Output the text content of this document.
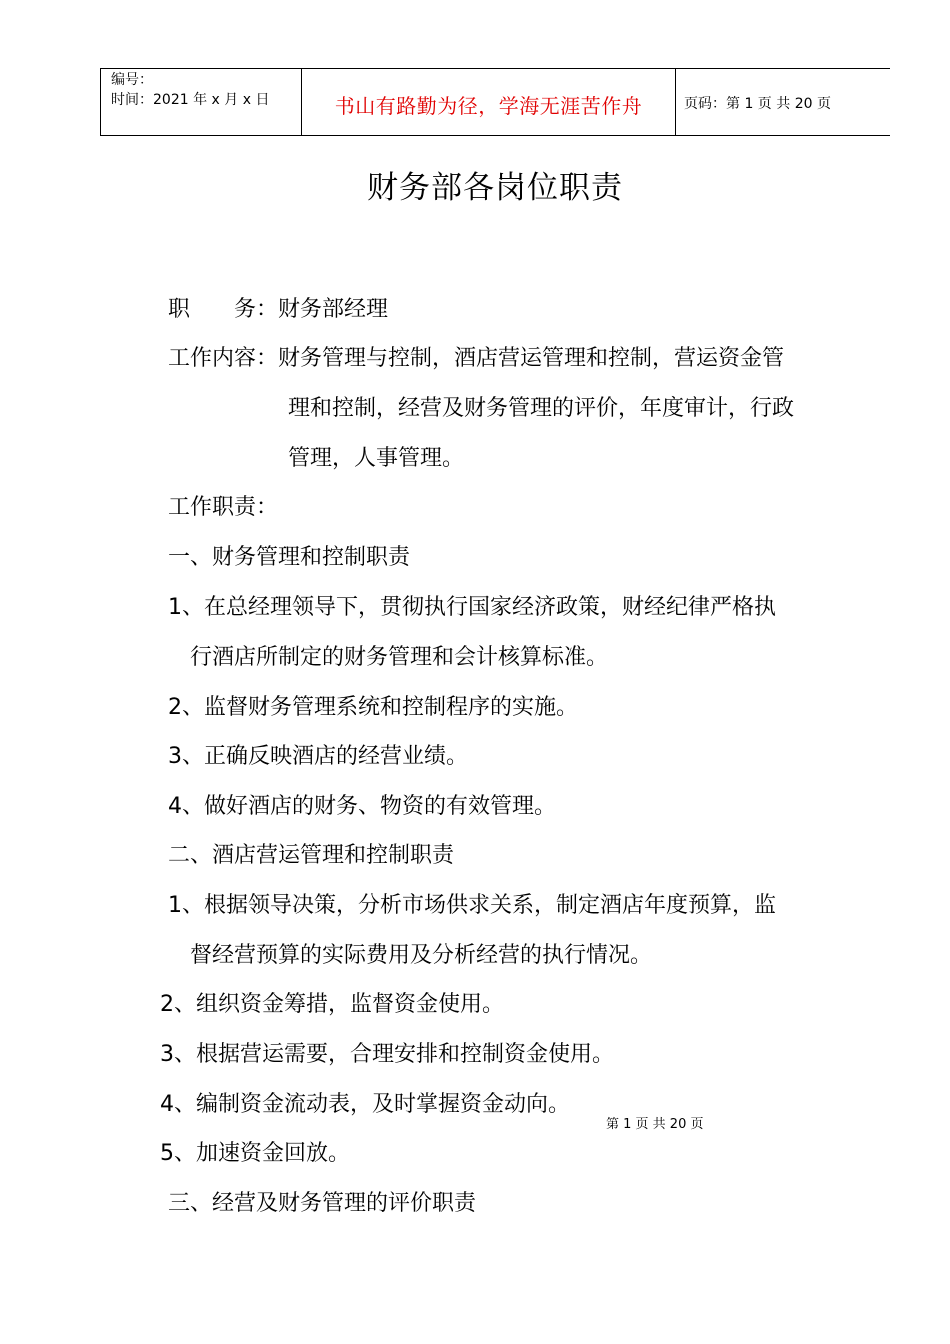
编号：
时间：2021 年 x 月 x 日	书山有路勤为径，学海无涯苦作舟	页码：第 1 页 共 20 页
财务部各岗位职责
职　　务：财务部经理
工作内容：财务管理与控制，酒店营运管理和控制，营运资金管
理和控制，经营及财务管理的评价，年度审计，行政
管理，人事管理。
工作职责：
一、财务管理和控制职责
1、在总经理领导下，贯彻执行国家经济政策，财经纪律严格执
行酒店所制定的财务管理和会计核算标准。
2、监督财务管理系统和控制程序的实施。
3、正确反映酒店的经营业绩。
4、做好酒店的财务、物资的有效管理。
二、酒店营运管理和控制职责
1、根据领导决策，分析市场供求关系，制定酒店年度预算，监
督经营预算的实际费用及分析经营的执行情况。
2、组织资金筹措，监督资金使用。
3、根据营运需要，合理安排和控制资金使用。
4、编制资金流动表，及时掌握资金动向。
5、加速资金回放。
三、经营及财务管理的评价职责
第 1 页 共 20 页
